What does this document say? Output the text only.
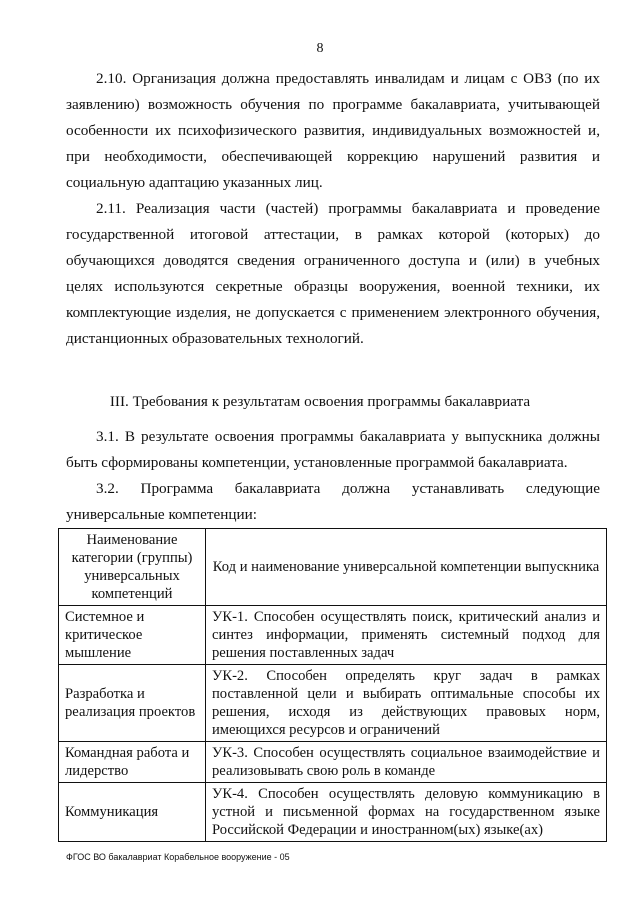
8

2.10. Организация должна предоставлять инвалидам и лицам с ОВЗ (по их заявлению) возможность обучения по программе бакалавриата, учитывающей особенности их психофизического развития, индивидуальных возможностей и, при необходимости, обеспечивающей коррекцию нарушений развития и социальную адаптацию указанных лиц.

2.11. Реализация части (частей) программы бакалавриата и проведение государственной итоговой аттестации, в рамках которой (которых) до обучающихся доводятся сведения ограниченного доступа и (или) в учебных целях используются секретные образцы вооружения, военной техники, их комплектующие изделия, не допускается с применением электронного обучения, дистанционных образовательных технологий.

III. Требования к результатам освоения программы бакалавриата

3.1. В результате освоения программы бакалавриата у выпускника должны быть сформированы компетенции, установленные программой бакалавриата.

3.2. Программа бакалавриата должна устанавливать следующие
универсальные компетенции:

Наименование категории (группы) универсальных компетенций	Код и наименование универсальной компетенции выпускника
Системное и критическое мышление	УК-1. Способен осуществлять поиск, критический анализ и синтез информации, применять системный подход для решения поставленных задач
Разработка и реализация проектов	УК-2. Способен определять круг задач в рамках поставленной цели и выбирать оптимальные способы их решения, исходя из действующих правовых норм, имеющихся ресурсов и ограничений
Командная работа и лидерство	УК-3. Способен осуществлять социальное взаимодействие и реализовывать свою роль в команде
Коммуникация	УК-4. Способен осуществлять деловую коммуникацию в устной и письменной формах на государственном языке Российской Федерации и иностранном(ых) языке(ах)
ФГОС ВО бакалавриат Корабельное вооружение - 05
